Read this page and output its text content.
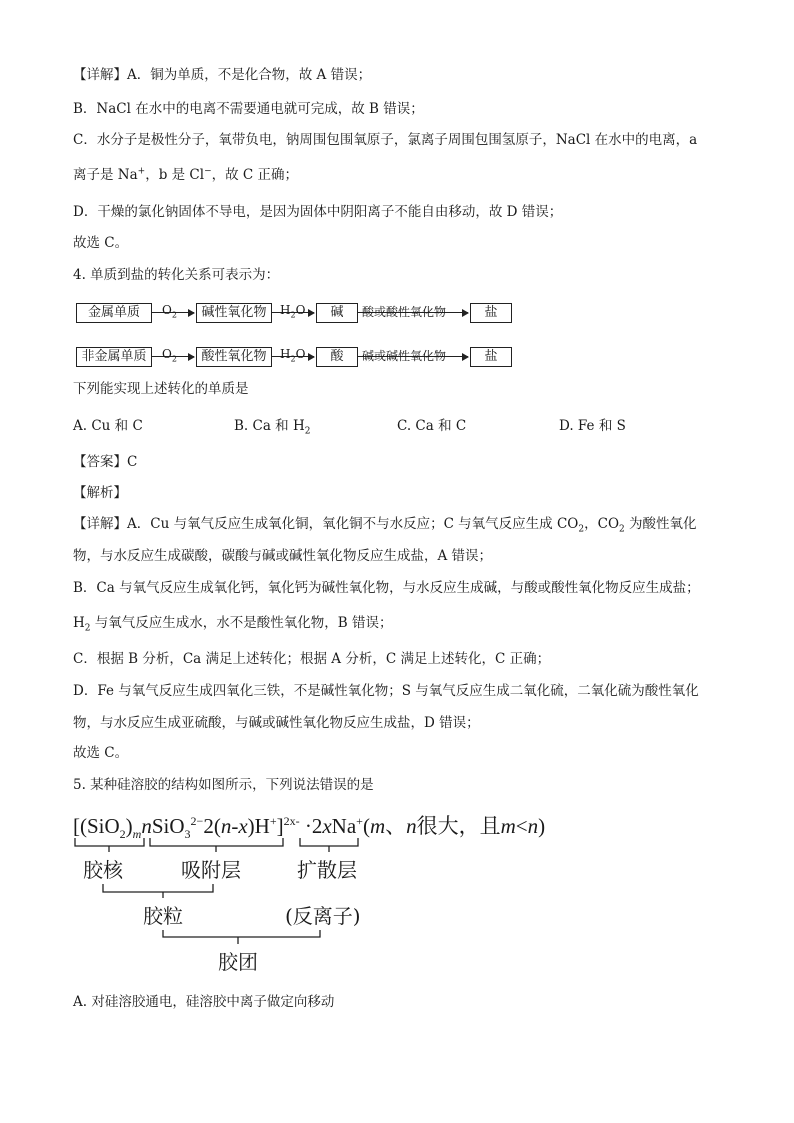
【详解】A．铜为单质，不是化合物，故 A 错误；
B．NaCl 在水中的电离不需要通电就可完成，故 B 错误；
C．水分子是极性分子，氧带负电，钠周围包围氧原子，氯离子周围包围氢原子，NaCl 在水中的电离，a
离子是 Na+，b 是 Cl−，故 C 正确；
D．干燥的氯化钠固体不导电，是因为固体中阴阳离子不能自由移动，故 D 错误；
故选 C。
4. 单质到盐的转化关系可表示为：
金属单质	$O_2$	碱性氧化物	$H_2O$	碱	酸或酸性氧化物	盐
非金属单质	$O_2$	酸性氧化物	$H_2O$	酸	碱或碱性氧化物	盐
下列能实现上述转化的单质是
A. Cu 和 C	B. Ca 和 $H_2$	C. Ca 和 C	D. Fe 和 S
【答案】C
【解析】
【详解】A．Cu 与氧气反应生成氧化铜，氧化铜不与水反应；C 与氧气反应生成 $CO_2$，$CO_2$ 为酸性氧化
物，与水反应生成碳酸，碳酸与碱或碱性氧化物反应生成盐，A 错误；
B．Ca 与氧气反应生成氧化钙，氧化钙为碱性氧化物，与水反应生成碱，与酸或酸性氧化物反应生成盐；
$H_2$ 与氧气反应生成水，水不是酸性氧化物，B 错误；
C．根据 B 分析，Ca 满足上述转化；根据 A 分析，C 满足上述转化，C 正确；
D．Fe 与氧气反应生成四氧化三铁，不是碱性氧化物；S 与氧气反应生成二氧化硫，二氧化硫为酸性氧化
物，与水反应生成亚硫酸，与碱或碱性氧化物反应生成盐，D 错误；
故选 C。
5. 某种硅溶胶的结构如图所示，下列说法错误的是
$[(SiO_2)_mnSiO_3^{2-}2(n-x)H^+]^{2x-} \cdot 2xNa^+(m$、n很大，且m<n)
胶核	吸附层	扩散层
胶粒	(反离子)
胶团
A. 对硅溶胶通电，硅溶胶中离子做定向移动
